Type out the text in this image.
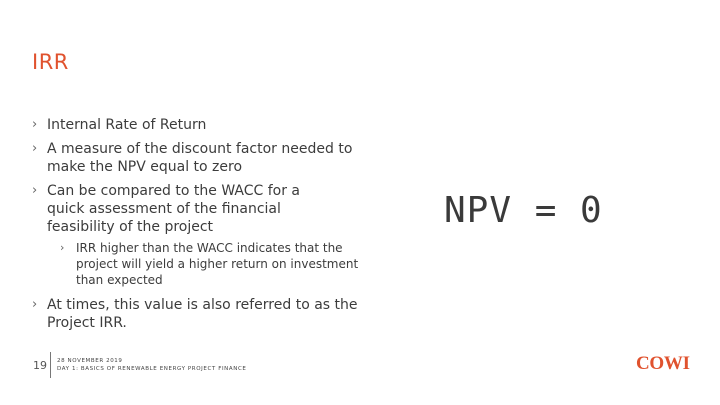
IRR
› Internal Rate of Return
› A measure of the discount factor needed to make the NPV equal to zero
› Can be compared to the WACC for a quick assessment of the financial feasibility of the project
› IRR higher than the WACC indicates that the project will yield a higher return on investment than expected
› At times, this value is also referred to as the Project IRR.
NPV = 0
19 28 NOVEMBER 2019
DAY 1: BASICS OF RENEWABLE ENERGY PROJECT FINANCE	COWI
